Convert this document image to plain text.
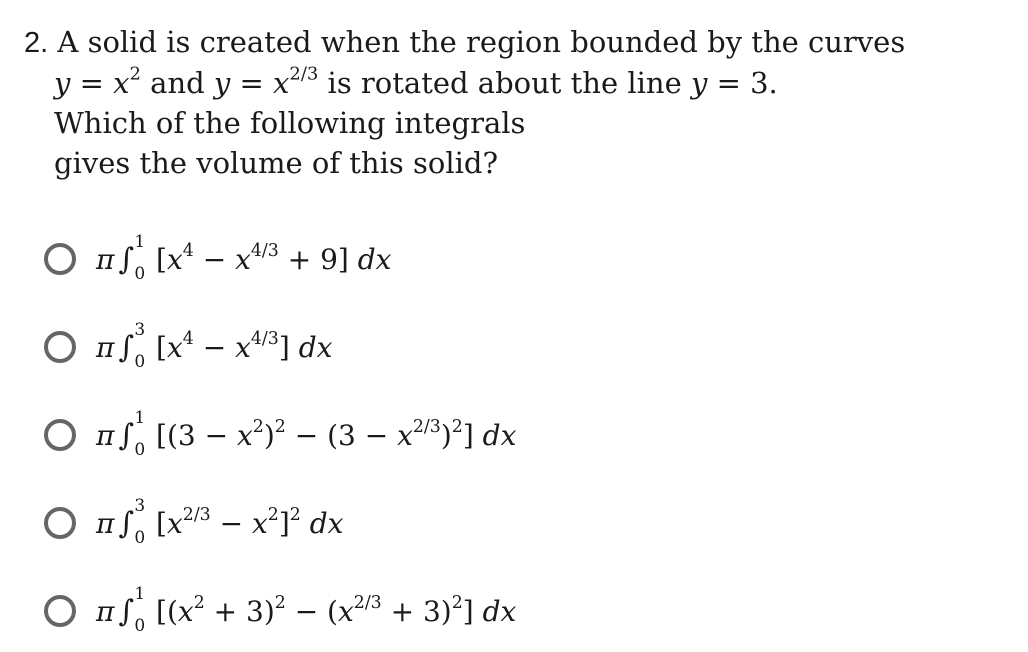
2. A solid is created when the region bounded by the curves
$y = x^2$ and $y = x^{2/3}$ is rotated about the line y = 3.
Which of the following integrals
gives the volume of this solid?
π ∫ 1
0 $[x^4 - x^{4/3} + 9]$ dx
π ∫ 3
0 $[x^4 - x^{4/3}]$ dx
π ∫ 1
0 $[(3 - x^2)^2 - (3 - x^{2/3})^2]$ dx
π ∫ 3
0 $[x^{2/3} - x^2]^2$ dx
π ∫ 1
0 $[(x^2 + 3)^2 - (x^{2/3} + 3)^2]$ dx
